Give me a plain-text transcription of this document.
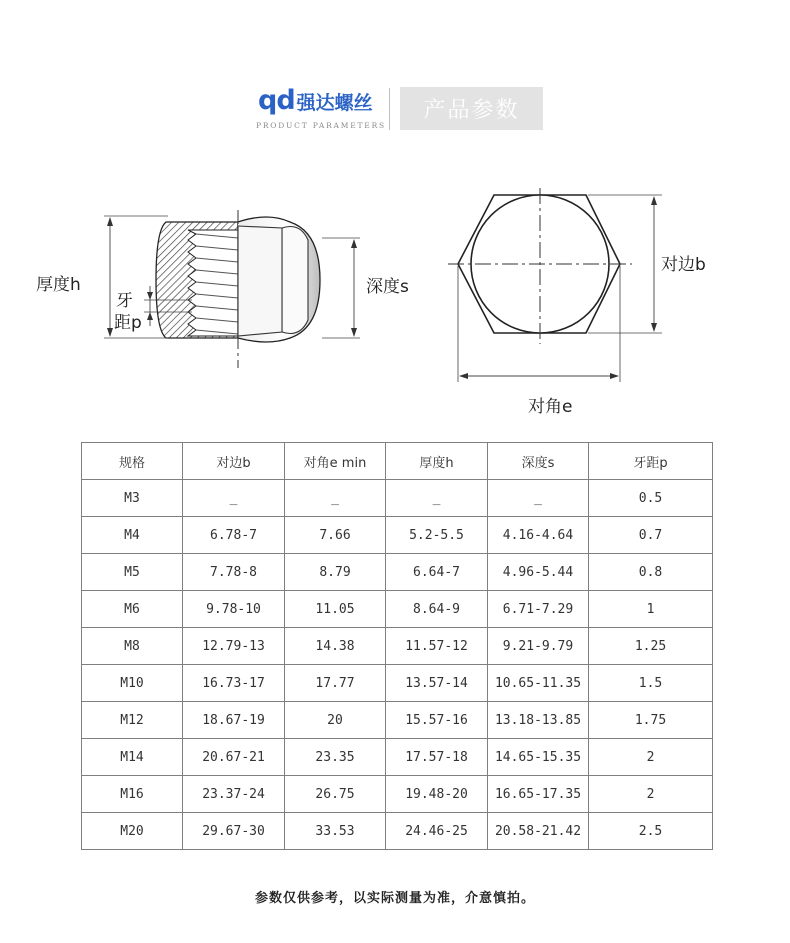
qd 强达螺丝
PRODUCT PARAMETERS
产品参数
厚度h	深度s
牙
距p
对边b
对角e
规格	对边b	对角e min	厚度h	深度s	牙距p
M3	_	_	_	_	0.5
M4	6.78-7	7.66	5.2-5.5	4.16-4.64	0.7
M5	7.78-8	8.79	6.64-7	4.96-5.44	0.8
M6	9.78-10	11.05	8.64-9	6.71-7.29	1
M8	12.79-13	14.38	11.57-12	9.21-9.79	1.25
M10	16.73-17	17.77	13.57-14	10.65-11.35	1.5
M12	18.67-19	20	15.57-16	13.18-13.85	1.75
M14	20.67-21	23.35	17.57-18	14.65-15.35	2
M16	23.37-24	26.75	19.48-20	16.65-17.35	2
M20	29.67-30	33.53	24.46-25	20.58-21.42	2.5
参数仅供参考，以实际测量为准，介意慎拍。
